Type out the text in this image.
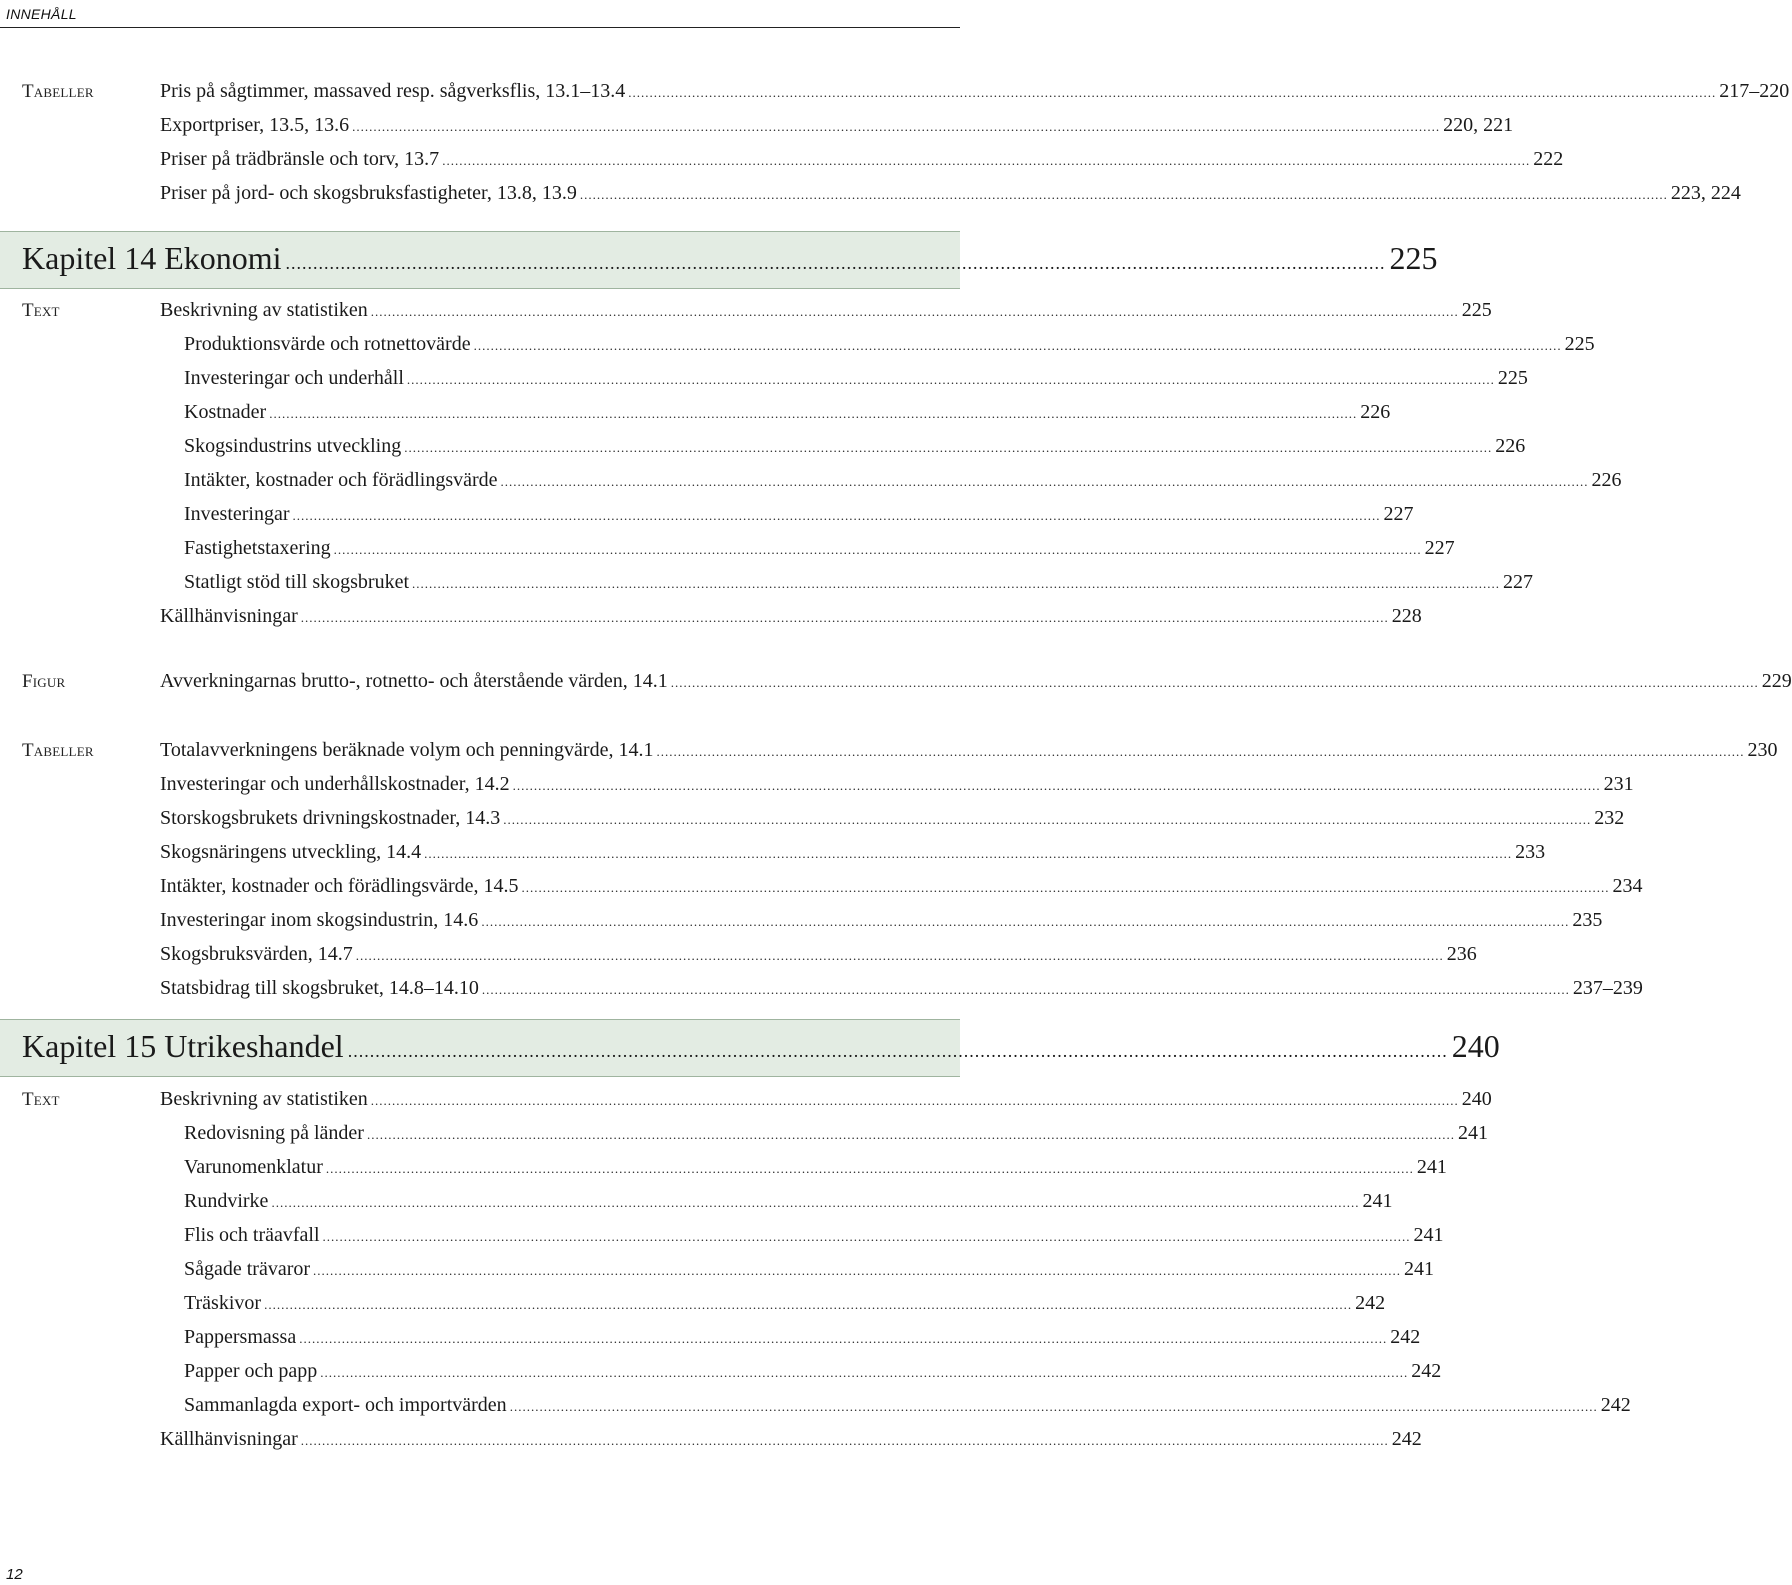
INNEHÅLL
Tabeller	Pris på sågtimmer, massaved resp. sågverksflis, 13.1–13.4 .....	217–220
Exportpriser, 13.5, 13.6 .....	220, 221
Priser på trädbränsle och torv, 13.7 .....	222
Priser på jord- och skogsbruksfastigheter, 13.8, 13.9 .....	223, 224
Kapitel 14 Ekonomi .....	225
Text	Beskrivning av statistiken .....	225
Produktionsvärde och rotnettovärde .....	225
Investeringar och underhåll .....	225
Kostnader .....	226
Skogsindustrins utveckling .....	226
Intäkter, kostnader och förädlingsvärde .....	226
Investeringar .....	227
Fastighetstaxering .....	227
Statligt stöd till skogsbruket .....	227
Källhänvisningar .....	228
Figur	Avverkningarnas brutto-, rotnetto- och återstående värden, 14.1 .....	229
Tabeller	Totalavverkningens beräknade volym och penningvärde, 14.1 .....	230
Investeringar och underhållskostnader, 14.2 .....	231
Storskogsbrukets drivningskostnader, 14.3 .....	232
Skogsnäringens utveckling, 14.4 .....	233
Intäkter, kostnader och förädlingsvärde, 14.5 .....	234
Investeringar inom skogsindustrin, 14.6 .....	235
Skogsbruksvärden, 14.7 .....	236
Statsbidrag till skogsbruket, 14.8–14.10 .....	237–239
Kapitel 15 Utrikeshandel .....	240
Text	Beskrivning av statistiken .....	240
Redovisning på länder .....	241
Varunomenklatur .....	241
Rundvirke .....	241
Flis och träavfall .....	241
Sågade trävaror .....	241
Träskivor .....	242
Pappersmassa .....	242
Papper och papp .....	242
Sammanlagda export- och importvärden .....	242
Källhänvisningar .....	242
12
